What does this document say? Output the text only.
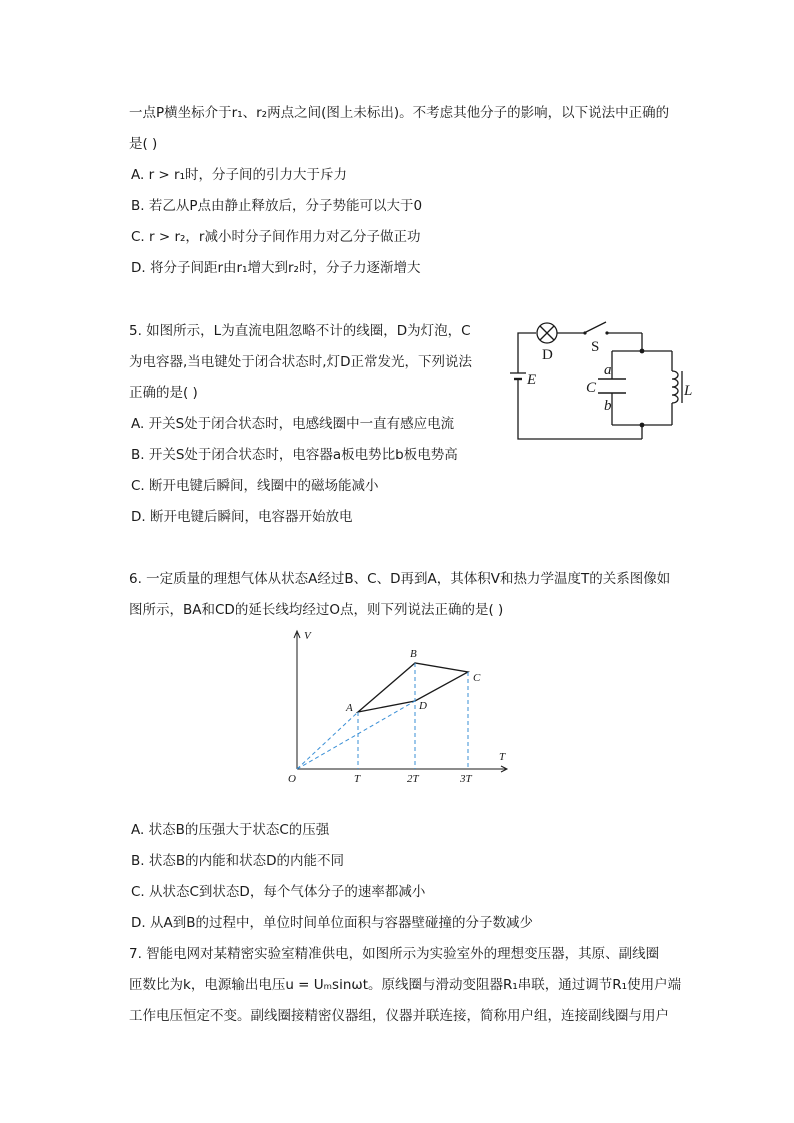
一点P横坐标介于r₁、r₂两点之间(图上未标出)。不考虑其他分子的影响，以下说法中正确的
是( )
A. r > r₁时，分子间的引力大于斥力
B. 若乙从P点由静止释放后，分子势能可以大于0
C. r > r₂，r减小时分子间作用力对乙分子做正功
D. 将分子间距r由r₁增大到r₂时，分子力逐渐增大
5. 如图所示，L为直流电阻忽略不计的线圈，D为灯泡，C
为电容器,当电键处于闭合状态时,灯D正常发光，下列说法
正确的是( )
A. 开关S处于闭合状态时，电感线圈中一直有感应电流
B. 开关S处于闭合状态时，电容器a板电势比b板电势高
C. 断开电键后瞬间，线圈中的磁场能减小
D. 断开电键后瞬间，电容器开始放电
D	S
E	C
a
b
L
6. 一定质量的理想气体从状态A经过B、C、D再到A，其体积V和热力学温度T的关系图像如
图所示，BA和CD的延长线均经过O点，则下列说法正确的是( )
V
T
O	T	2T	3T
A
B
C
D
A. 状态B的压强大于状态C的压强
B. 状态B的内能和状态D的内能不同
C. 从状态C到状态D，每个气体分子的速率都减小
D. 从A到B的过程中，单位时间单位面积与容器壁碰撞的分子数减少
7. 智能电网对某精密实验室精准供电，如图所示为实验室外的理想变压器，其原、副线圈
匝数比为k，电源输出电压u = Uₘsinωt。原线圈与滑动变阻器R₁串联，通过调节R₁使用户端
工作电压恒定不变。副线圈接精密仪器组，仪器并联连接，简称用户组，连接副线圈与用户
